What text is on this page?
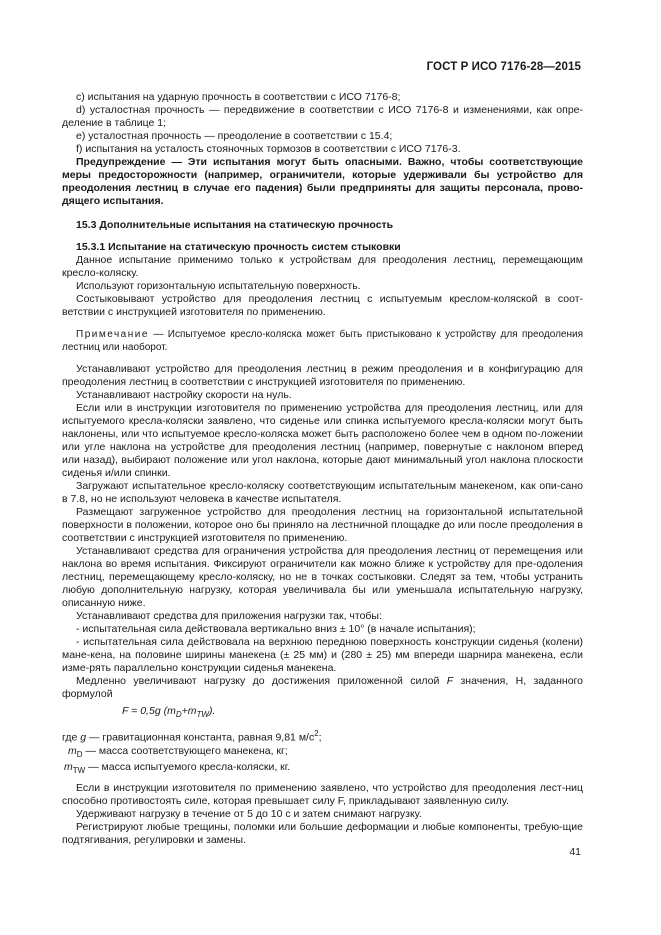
ГОСТ Р ИСО 7176-28—2015

с) испытания на ударную прочность в соответствии с ИСО 7176-8;

d) усталостная прочность — передвижение в соответствии с ИСО 7176-8 и изменениями, как опре-деление в таблице 1;

е) усталостная прочность — преодоление в соответствии с 15.4;

f) испытания на усталость стояночных тормозов в соответствии с ИСО 7176-3.

Предупреждение — Эти испытания могут быть опасными. Важно, чтобы соответствующие меры предосторожности (например, ограничители, которые удерживали бы устройство для преодоления лестниц в случае его падения) были предприняты для защиты персонала, прово-дящего испытания.

15.3 Дополнительные испытания на статическую прочность

15.3.1 Испытание на статическую прочность систем стыковки

Данное испытание применимо только к устройствам для преодоления лестниц, перемещающим кресло-коляску.

Используют горизонтальную испытательную поверхность.

Состыковывают устройство для преодоления лестниц с испытуемым креслом-коляской в соот-ветствии с инструкцией изготовителя по применению.

Примечание — Испытуемое кресло-коляска может быть пристыковано к устройству для преодоления лестниц или наоборот.

Устанавливают устройство для преодоления лестниц в режим преодоления и в конфигурацию для преодоления лестниц в соответствии с инструкцией изготовителя по применению.

Устанавливают настройку скорости на нуль.

Если или в инструкции изготовителя по применению устройства для преодоления лестниц, или для испытуемого кресла-коляски заявлено, что сиденье или спинка испытуемого кресла-коляски могут быть наклонены, или что испытуемое кресло-коляска может быть расположено более чем в одном по-ложении или угле наклона на устройстве для преодоления лестниц (например, повернутые с наклоном вперед или назад), выбирают положение или угол наклона, которые дают минимальный угол наклона плоскости сиденья и/или спинки.

Загружают испытательное кресло-коляску соответствующим испытательным манекеном, как опи-сано в 7.8, но не используют человека в качестве испытателя.

Размещают загруженное устройство для преодоления лестниц на горизонтальной испытательной поверхности в положении, которое оно бы приняло на лестничной площадке до или после преодоления в соответствии с инструкцией изготовителя по применению.

Устанавливают средства для ограничения устройства для преодоления лестниц от перемещения или наклона во время испытания. Фиксируют ограничители как можно ближе к устройству для пре-одоления лестниц, перемещающему кресло-коляску, но не в точках состыковки. Следят за тем, чтобы устранить любую дополнительную нагрузку, которая увеличивала бы или уменьшала испытательную нагрузку, описанную ниже.

Устанавливают средства для приложения нагрузки так, чтобы:

- испытательная сила действовала вертикально вниз ± 10° (в начале испытания);

- испытательная сила действовала на верхнюю переднюю поверхность конструкции сиденья (колени) мане-кена, на половине ширины манекена (± 25 мм) и (280 ± 25) мм впереди шарнира манекена, если изме-рять параллельно конструкции сиденья манекена.

Медленно увеличивают нагрузку до достижения приложенной силой F значения, Н, заданного формулой

F = 0,5g $(m_D+m_{TW})$.

где g — гравитационная константа, равная 9,81 $м/с^2$;

$m_D$ — масса соответствующего манекена, кг;

$m_{TW}$ — масса испытуемого кресла-коляски, кг.

Если в инструкции изготовителя по применению заявлено, что устройство для преодоления лест-ниц способно противостоять силе, которая превышает силу F, прикладывают заявленную силу.

Удерживают нагрузку в течение от 5 до 10 с и затем снимают нагрузку.

Регистрируют любые трещины, поломки или большие деформации и любые компоненты, требую-щие подтягивания, регулировки и замены.

41
